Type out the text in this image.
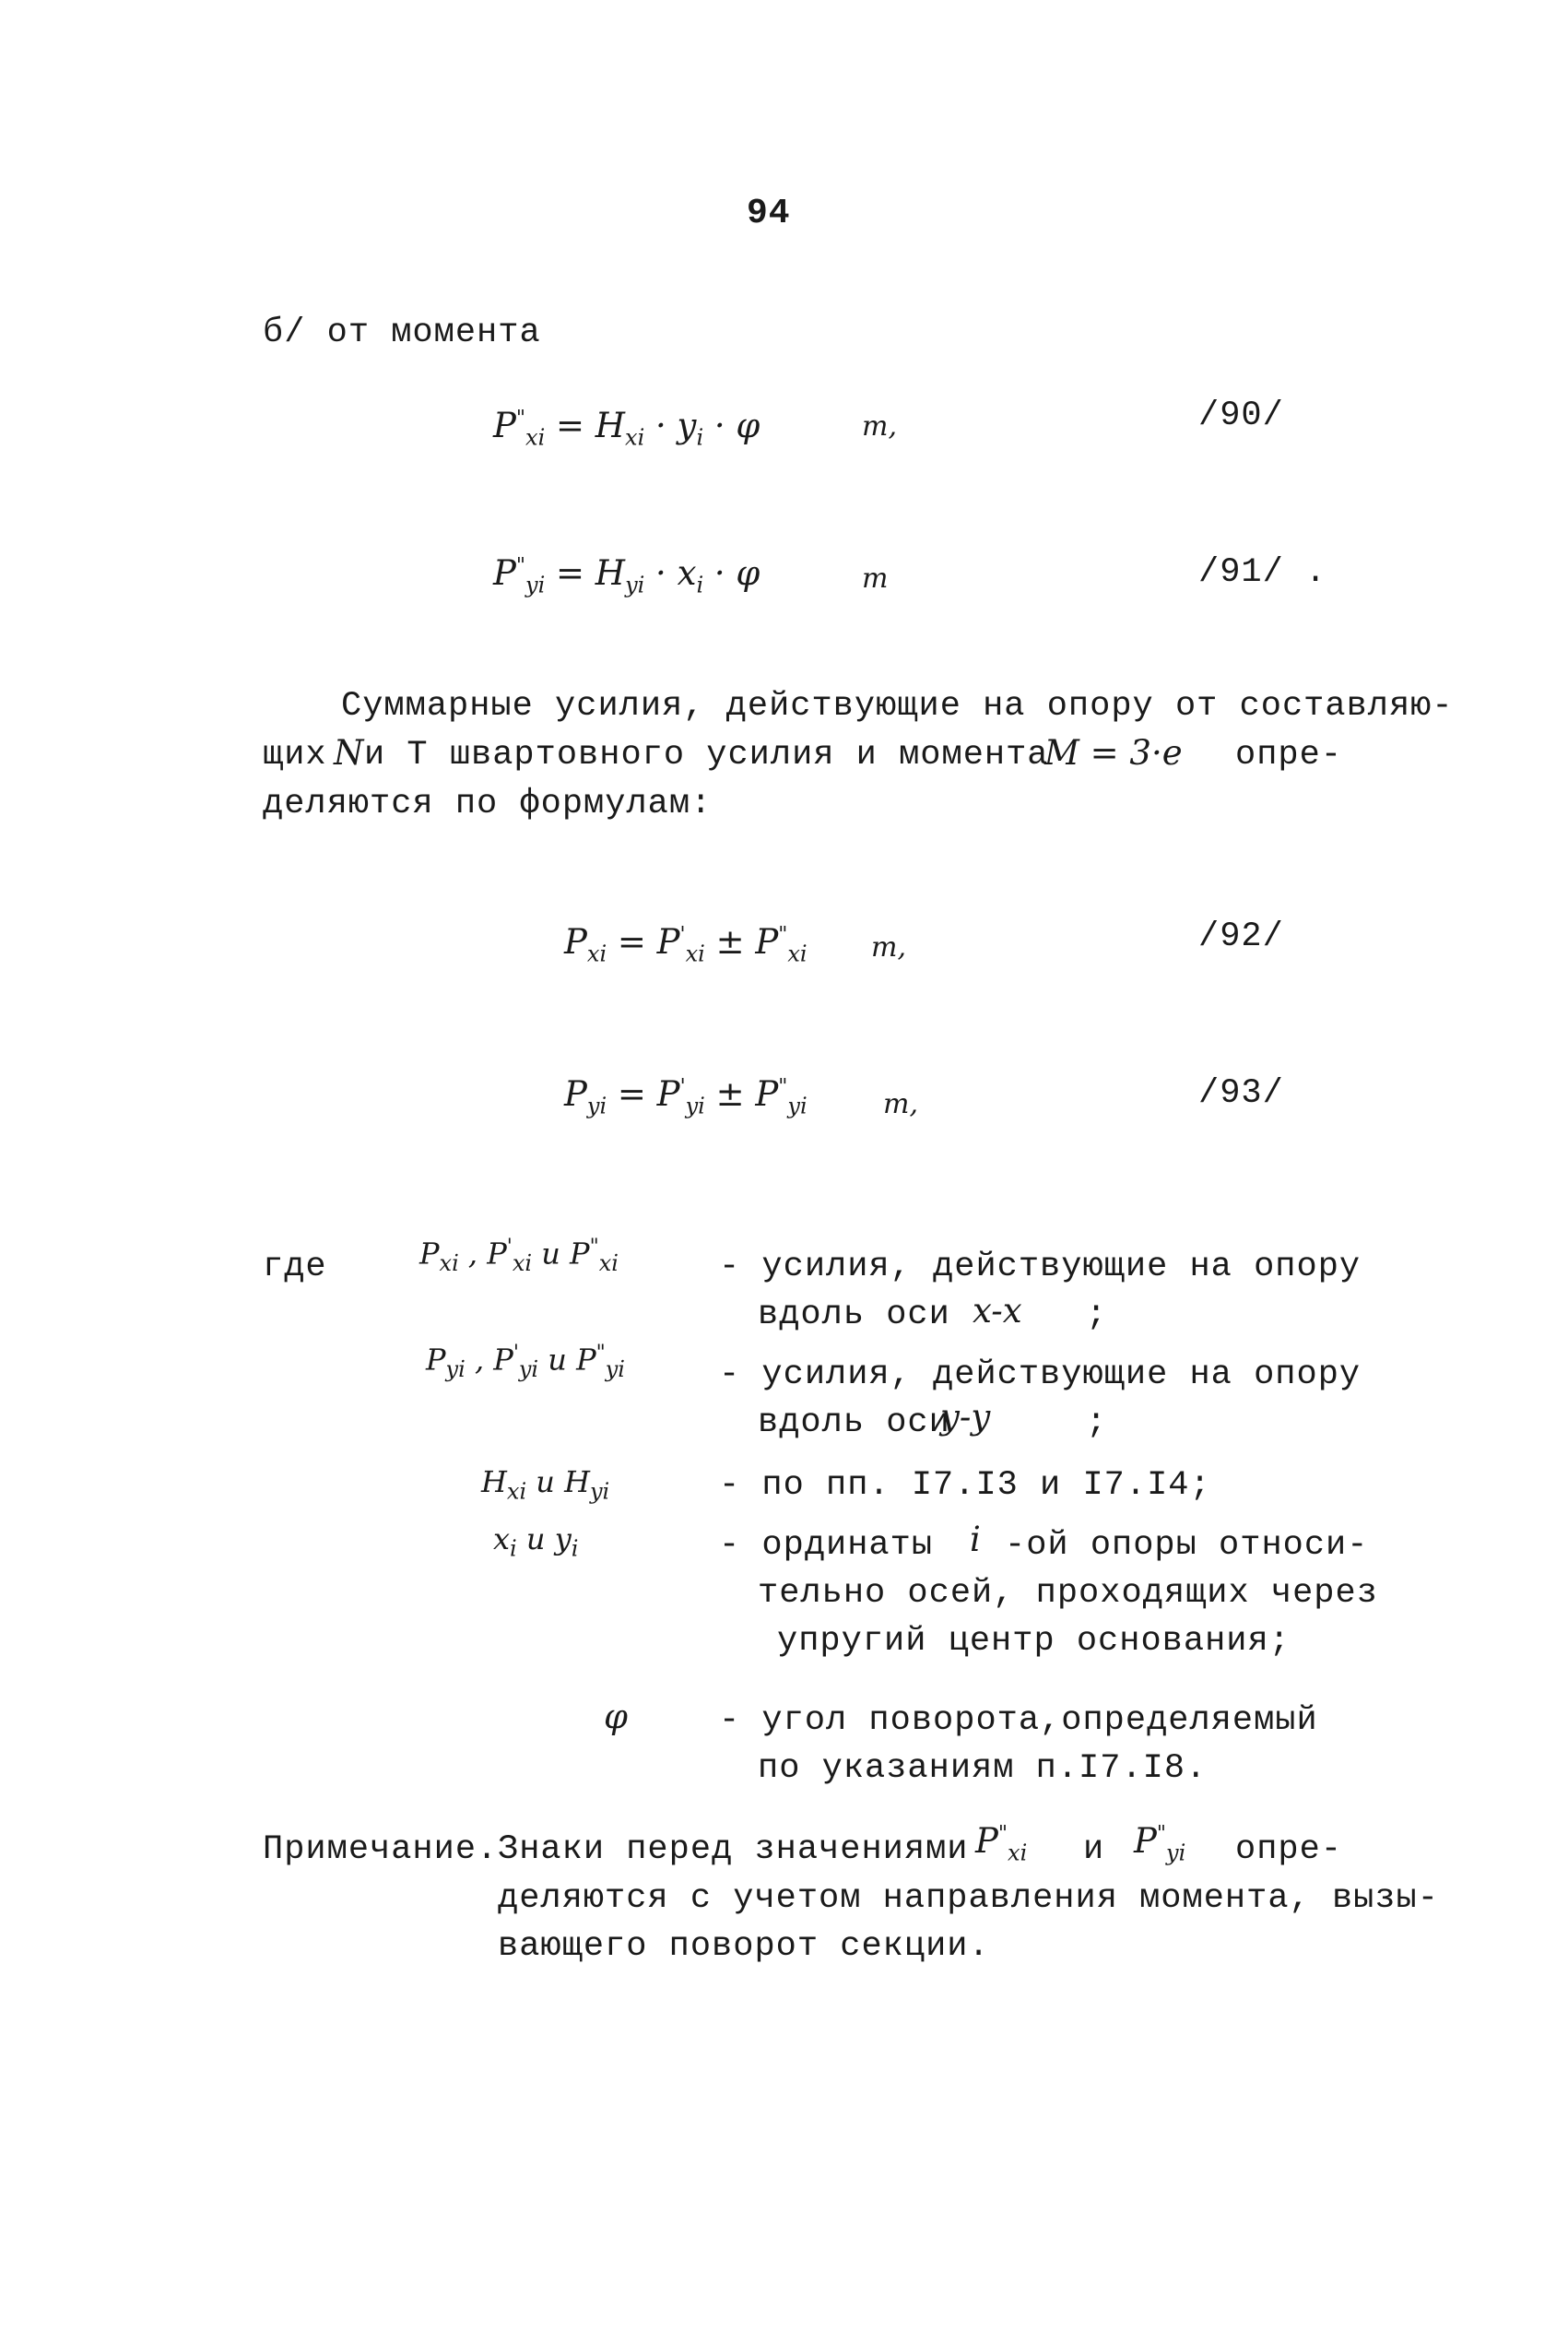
94
б/ от момента
$P^"_{xi} = H_{xi} \cdot y_i \cdot \varphi$	т,	/90/
$P^"_{yi} = H_{yi} \cdot x_i \cdot \varphi$	т	/91/ .
Суммарные усилия, действующие на опору от составляю-
щих N и Т швартовного усилия и момента
M = 3·e опре-
деляются по формулам:
$P_{xi} = P'_{xi} \pm P^"_{xi}$ т,	/92/
$P_{yi} = P'_{yi} \pm P^"_{yi}$	т,	/93/
где	$P_{xi}$ , $P'_{xi}$ и $P^"_{xi}$	- усилия, действующие на опору
вдоль оси x-x ;
$P_{yi}$ , $P'_{yi}$ и $P^"_{yi}$	- усилия, действующие на опору
вдоль оси
y-y	;
$H_{xi}$ и $H_{yi}$	- по пп. I7.I3 и I7.I4;
$x_i$ и $y_i$	- ординаты i -ой опоры относи-
тельно осей, проходящих через
упругий центр основания;
φ	- угол поворота,определяемый
по указаниям п.I7.I8.
Примечание. Знаки перед значениями $P^"_{xi}$ и $P^"_{yi}$ опре-
деляются с учетом направления момента, вызы-
вающего поворот секции.
